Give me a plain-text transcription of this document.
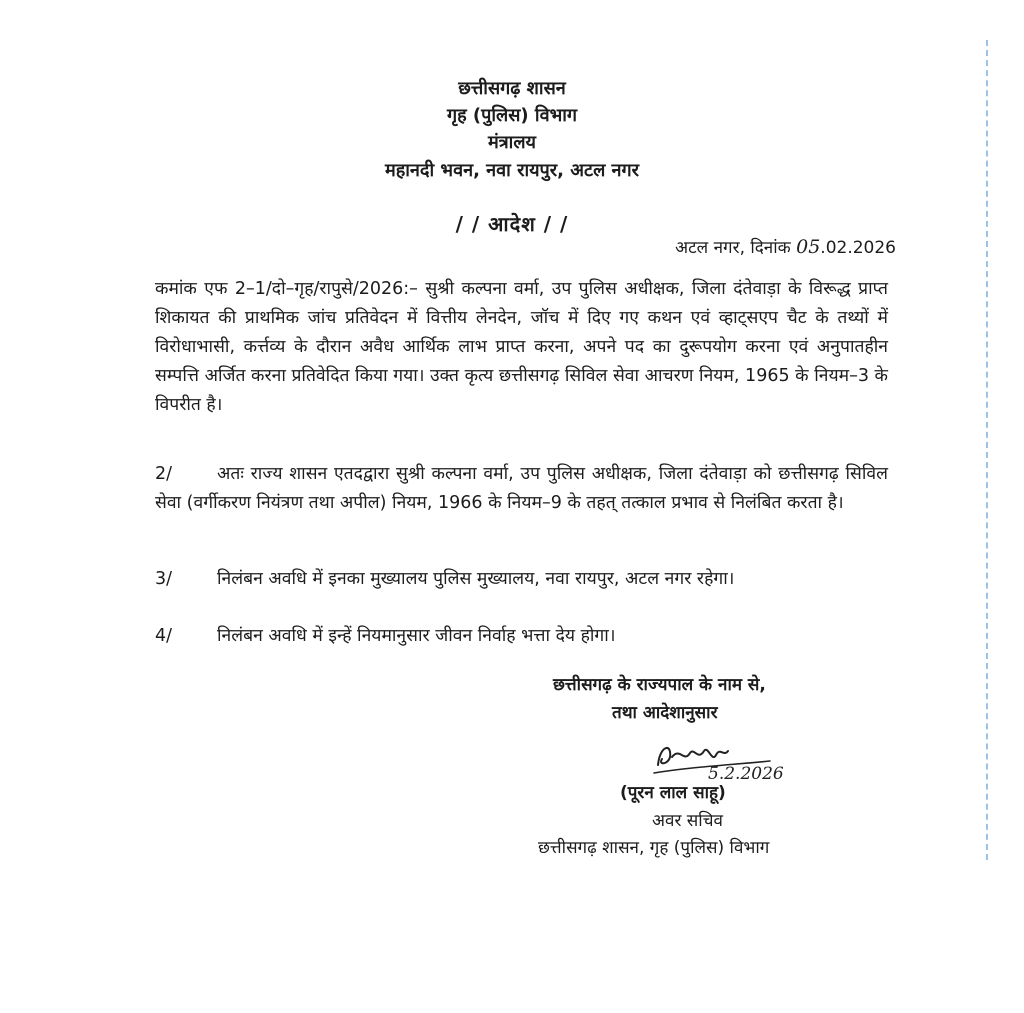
छत्तीसगढ़ शासन
गृह (पुलिस) विभाग
मंत्रालय
महानदी भवन, नवा रायपुर, अटल नगर
/ / आदेश / /
अटल नगर, दिनांक 05.02.2026

कमांक एफ 2–1/दो–गृह/रापुसे/2026:– सुश्री कल्पना वर्मा, उप पुलिस अधीक्षक, जिला दंतेवाड़ा के विरूद्ध प्राप्त शिकायत की प्राथमिक जांच प्रतिवेदन में वित्तीय लेनदेन, जॉच में दिए गए कथन एवं व्हाट्सएप चैट के तथ्यों में विरोधाभासी, कर्त्तव्य के दौरान अवैध आर्थिक लाभ प्राप्त करना, अपने पद का दुरूपयोग करना एवं अनुपातहीन सम्पत्ति अर्जित करना प्रतिवेदित किया गया। उक्त कृत्य छत्तीसगढ़ सिविल सेवा आचरण नियम, 1965 के नियम–3 के विपरीत है।

2/	अतः राज्य शासन एतदद्वारा सुश्री कल्पना वर्मा, उप पुलिस अधीक्षक, जिला दंतेवाड़ा को छत्तीसगढ़ सिविल सेवा (वर्गीकरण नियंत्रण तथा अपील) नियम, 1966 के नियम–9 के तहत् तत्काल प्रभाव से निलंबित करता है।

3/	निलंबन अवधि में इनका मुख्यालय पुलिस मुख्यालय, नवा रायपुर, अटल नगर रहेगा।

4/	निलंबन अवधि में इन्हें नियमानुसार जीवन निर्वाह भत्ता देय होगा।

छत्तीसगढ़ के राज्यपाल के नाम से,
तथा आदेशानुसार
5.2.2026
(पूरन लाल साहू)
अवर सचिव
छत्तीसगढ़ शासन, गृह (पुलिस) विभाग
